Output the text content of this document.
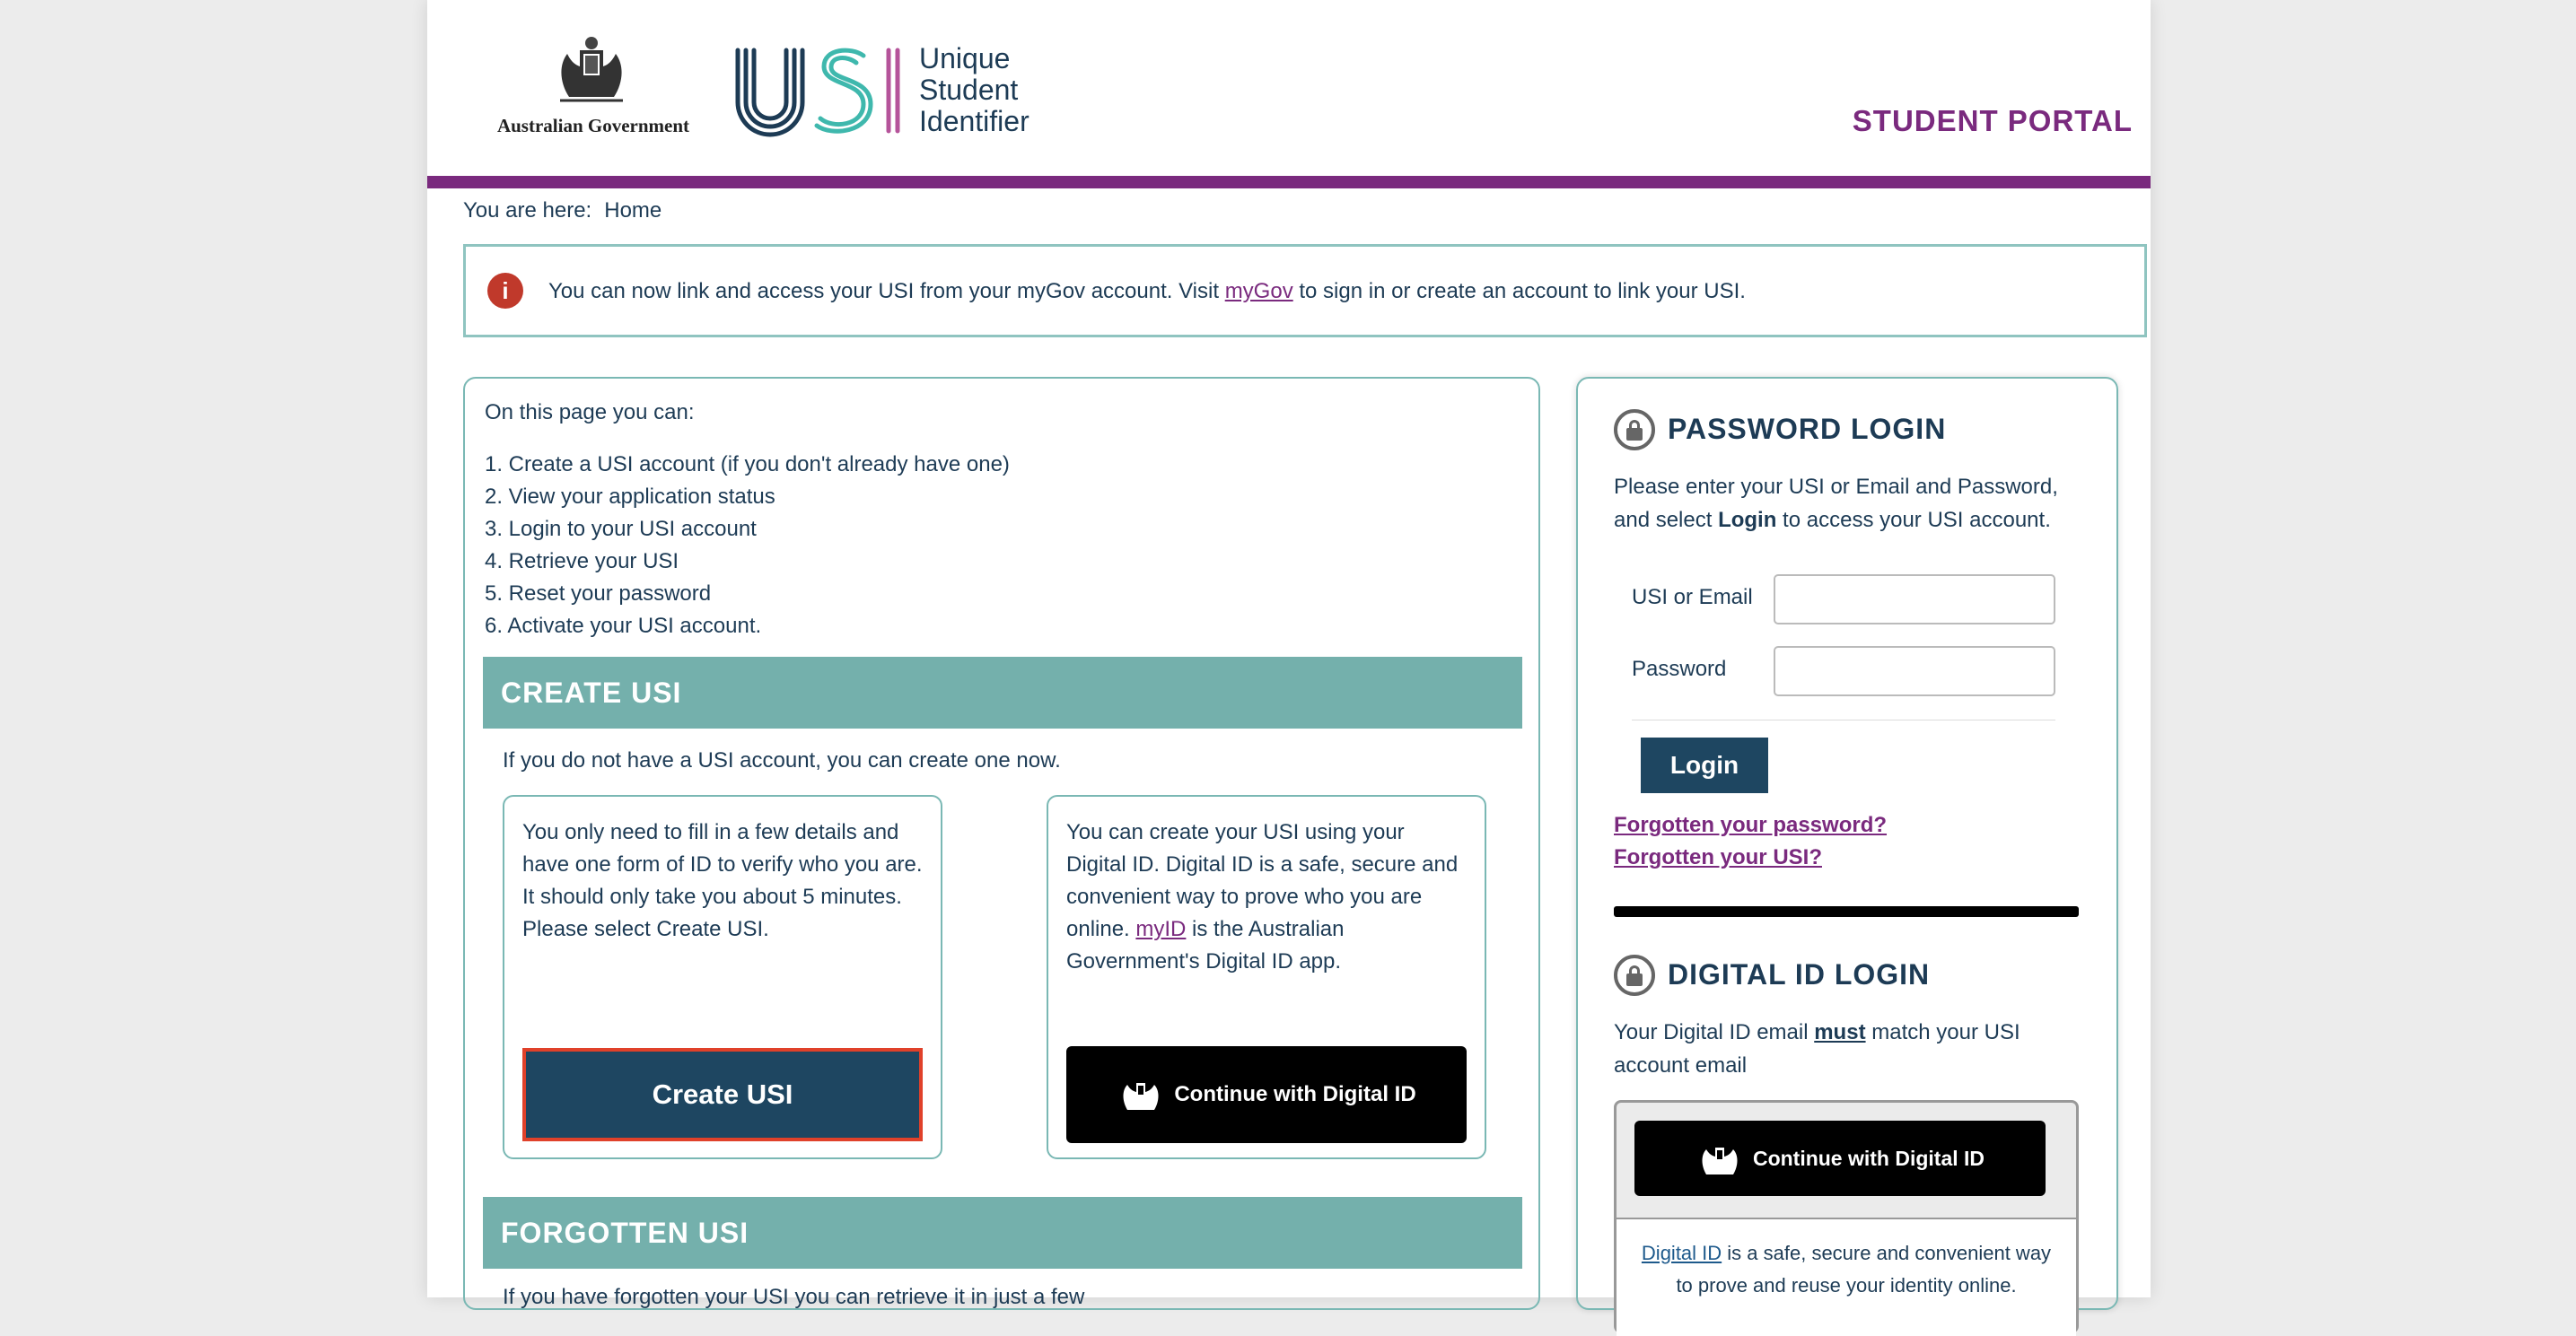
Australian Government
Unique
Student
Identifier	STUDENT PORTAL
You are here: Home
i	You can now link and access your USI from your myGov account. Visit myGov to sign in or create an account to link your USI.
On this page you can:
1. Create a USI account (if you don't already have one)
2. View your application status
3. Login to your USI account
4. Retrieve your USI
5. Reset your password
6. Activate your USI account.
CREATE USI
If you do not have a USI account, you can create one now.
You only need to fill in a few details and have one form of ID to verify who you are. It should only take you about 5 minutes. Please select Create USI.
Create USI
You can create your USI using your Digital ID. Digital ID is a safe, secure and convenient way to prove who you are online. myID is the Australian Government's Digital ID app.
Continue with Digital ID
FORGOTTEN USI
If you have forgotten your USI you can retrieve it in just a few
PASSWORD LOGIN
Please enter your USI or Email and Password, and select Login to access your USI account.
USI or Email
Password
Login
Forgotten your password?
Forgotten your USI?
DIGITAL ID LOGIN
Your Digital ID email must match your USI account email
Continue with Digital ID
Digital ID is a safe, secure and convenient way to prove and reuse your identity online.
